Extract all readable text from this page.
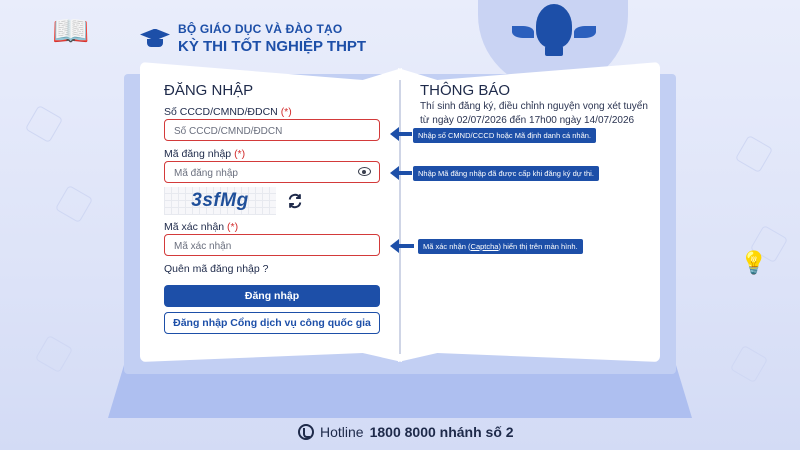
📖
💡
BỘ GIÁO DỤC VÀ ĐÀO TẠO
KỲ THI TỐT NGHIỆP THPT
ĐĂNG NHẬP
Số CCCD/CMND/ĐDCN (*)
Số CCCD/CMND/ĐDCN
Mã đăng nhập (*)
Mã đăng nhập
3sfMg
Mã xác nhận (*)
Mã xác nhận
Quên mã đăng nhập ?
Đăng nhập
Đăng nhập Cổng dịch vụ công quốc gia
THÔNG BÁO
Thí sinh đăng ký, điều chỉnh nguyện vọng xét tuyển từ ngày 02/07/2026 đến 17h00 ngày 14/07/2026
Nhập số CMND/CCCD hoặc Mã định danh cá nhân.
Nhập Mã đăng nhập đã được cấp khi đăng ký dự thi.
Mã xác nhận (Captcha) hiển thị trên màn hình.
Hotline 1800 8000 nhánh số 2
